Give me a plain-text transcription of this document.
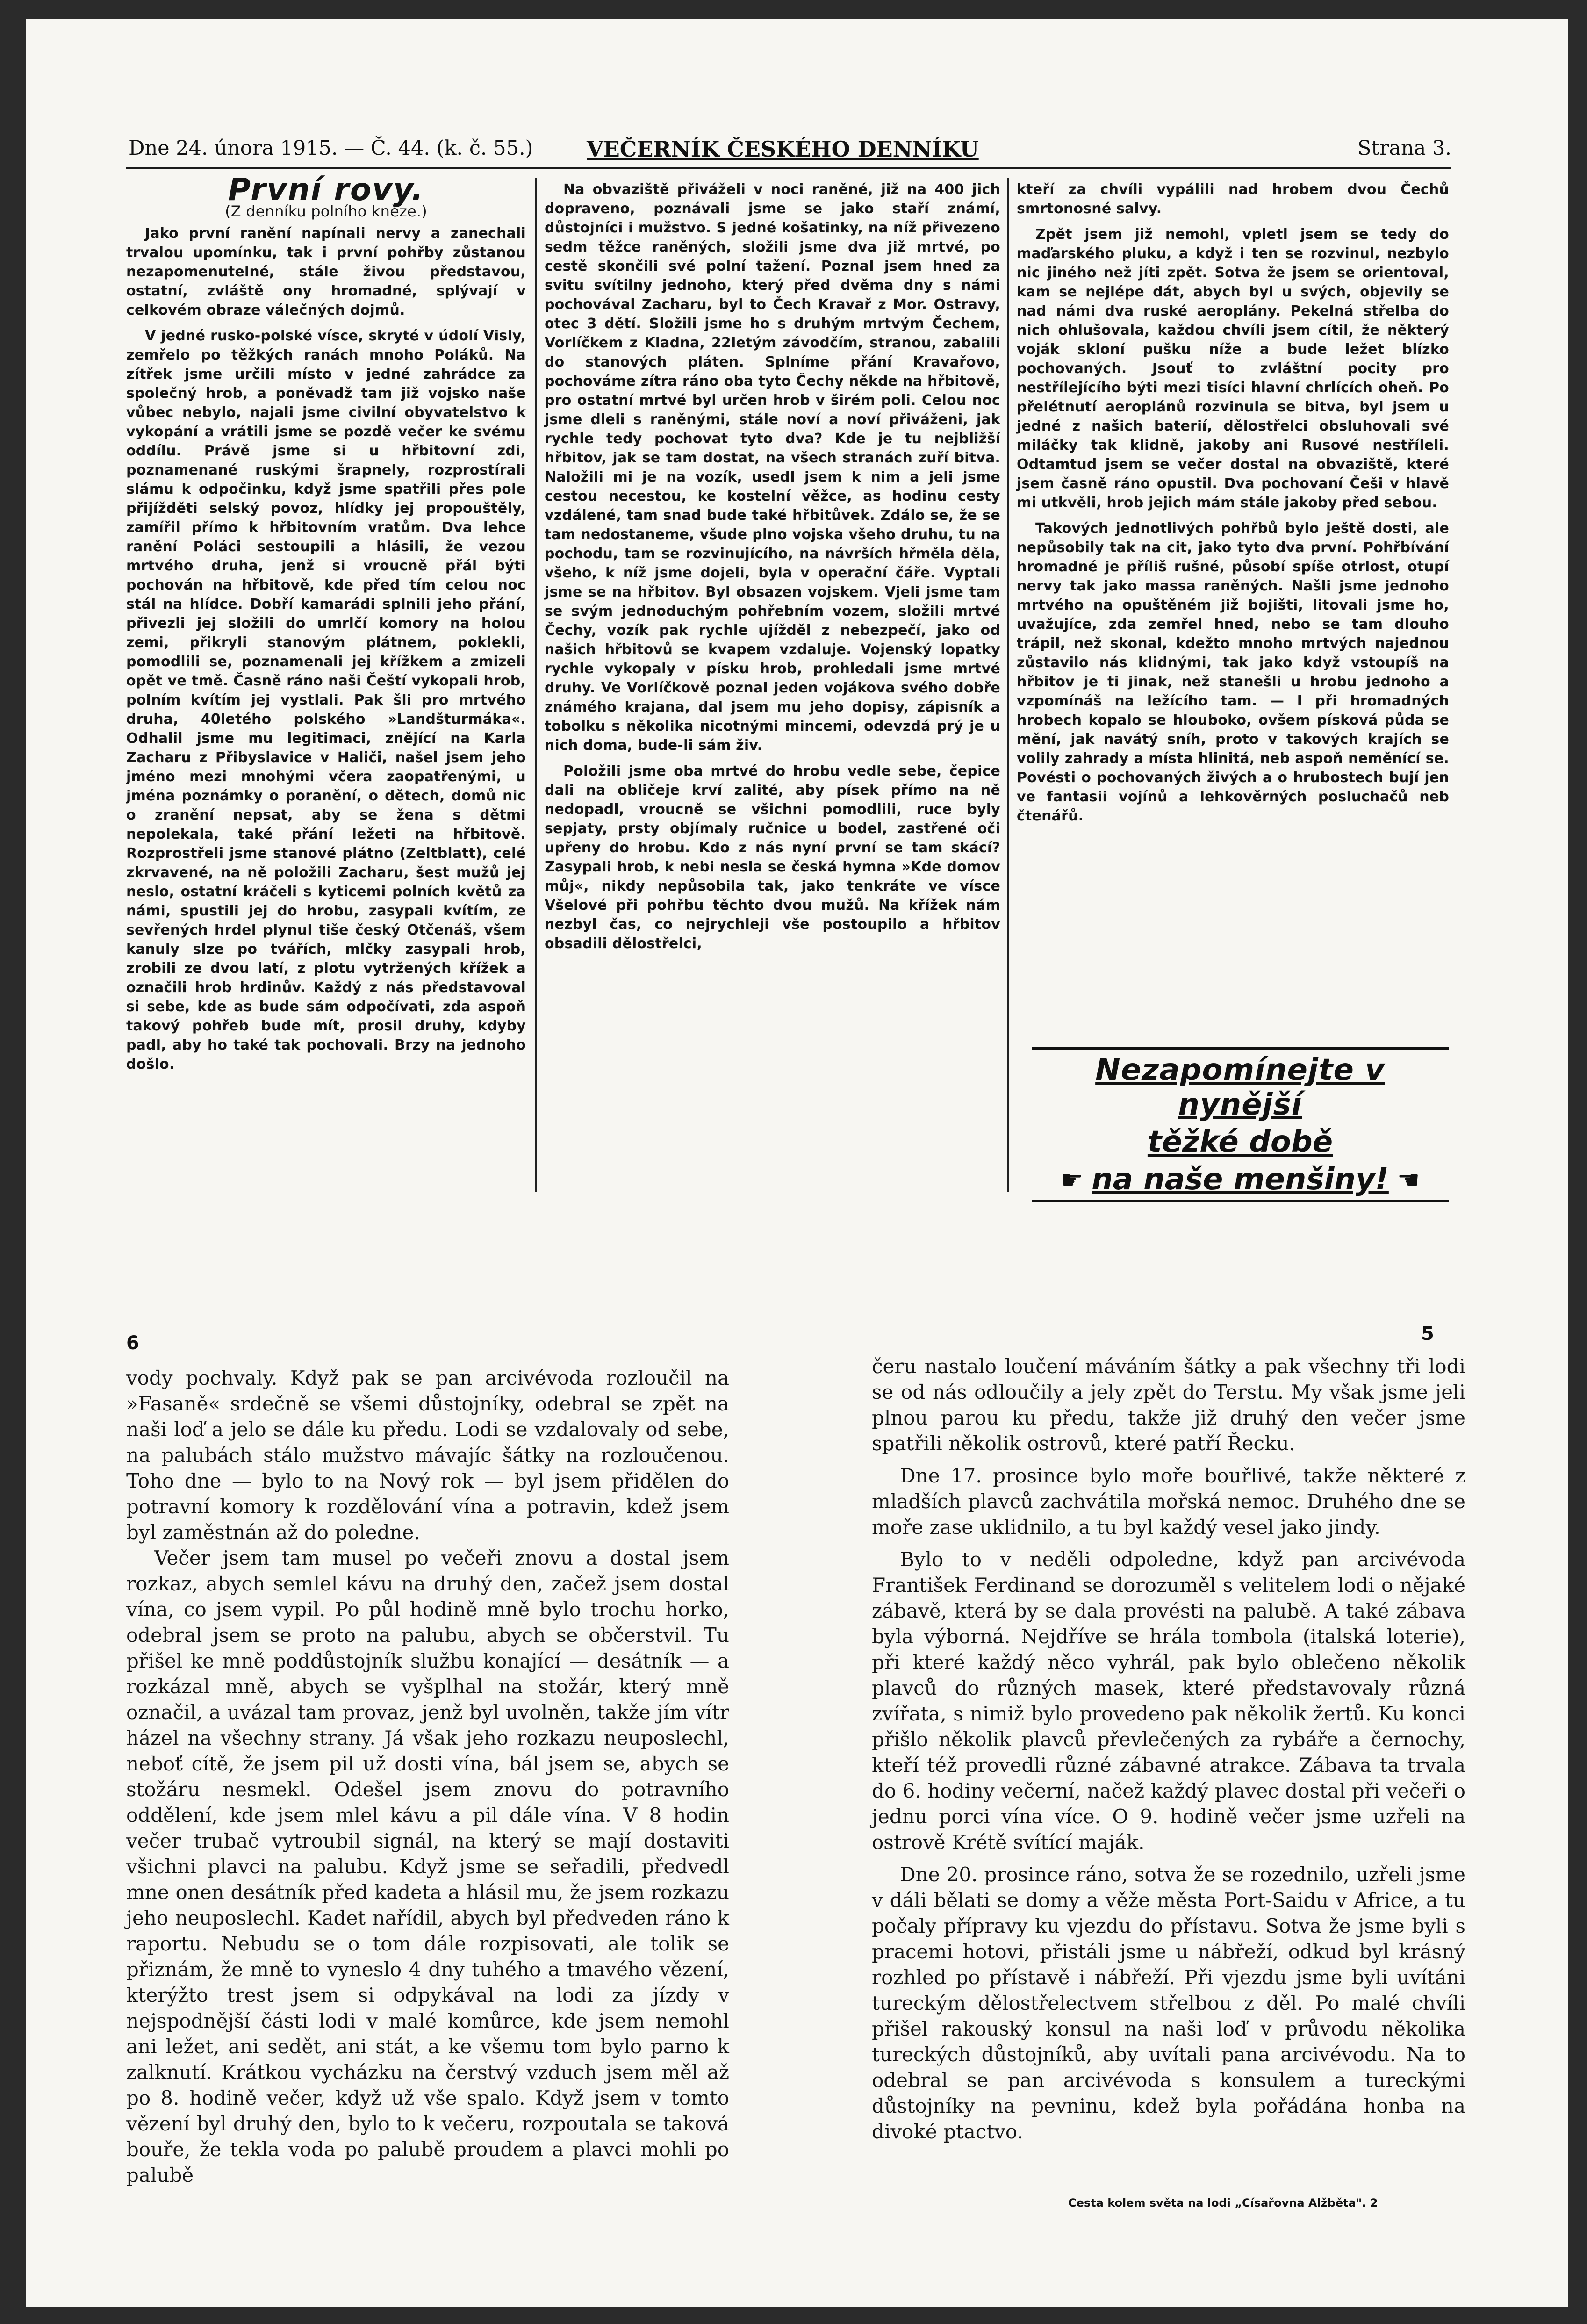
Dne 24. února 1915. — Č. 44. (k. č. 55.) VEČERNÍK ČESKÉHO DENNÍKU	Strana 3.
První rovy.
(Z denníku polního kněze.)

Jako první ranění napínali nervy a zanechali trvalou upomínku, tak i první pohřby zůstanou nezapomenutelné, stále živou představou, ostatní, zvláště ony hromadné, splývají v celkovém obraze válečných dojmů.

V jedné rusko-polské vísce, skryté v údolí Visly, zemřelo po těžkých ranách mnoho Poláků. Na zítřek jsme určili místo v jedné zahrádce za společný hrob, a poněvadž tam již vojsko naše vůbec nebylo, najali jsme civilní obyvatelstvo k vykopání a vrátili jsme se pozdě večer ke svému oddílu. Právě jsme si u hřbitovní zdi, poznamenané ruskými šrapnely, rozprostírali slámu k odpočinku, když jsme spatřili přes pole přijížděti selský povoz, hlídky jej propouštěly, zamířil přímo k hřbitovním vratům. Dva lehce ranění Poláci sestoupili a hlásili, že vezou mrtvého druha, jenž si vroucně přál býti pochován na hřbitově, kde před tím celou noc stál na hlídce. Dobří kamarádi splnili jeho přání, přivezli jej složili do umrlčí komory na holou zemi, přikryli stanovým plátnem, poklekli, pomodlili se, poznamenali jej křížkem a zmizeli opět ve tmě. Časně ráno naši Čeští vykopali hrob, polním kvítím jej vystlali. Pak šli pro mrtvého druha, 40letého polského »Landšturmáka«. Odhalil jsme mu legitimaci, znějící na Karla Zacharu z Přibyslavice v Haliči, našel jsem jeho jméno mezi mnohými včera zaopatřenými, u jména poznámky o poranění, o dětech, domů nic o zranění nepsat, aby se žena s dětmi nepolekala, také přání ležeti na hřbitově. Rozprostřeli jsme stanové plátno (Zeltblatt), celé zkrvavené, na ně položili Zacharu, šest mužů jej neslo, ostatní kráčeli s kyticemi polních květů za námi, spustili jej do hrobu, zasypali kvítím, ze sevřených hrdel plynul tiše český Otčenáš, všem kanuly slze po tvářích, mlčky zasypali hrob, zrobili ze dvou latí, z plotu vytržených křížek a označili hrob hrdinův. Každý z nás představoval si sebe, kde as bude sám odpočívati, zda aspoň takový pohřeb bude mít, prosil druhy, kdyby padl, aby ho také tak pochovali. Brzy na jednoho došlo.

Na obvaziště přiváželi v noci raněné, již na 400 jich dopraveno, poznávali jsme se jako staří známí, důstojníci i mužstvo. S jedné košatinky, na níž přivezeno sedm těžce raněných, složili jsme dva již mrtvé, po cestě skončili své polní tažení. Poznal jsem hned za svitu svítilny jednoho, který před dvěma dny s námi pochovával Zacharu, byl to Čech Kravař z Mor. Ostravy, otec 3 dětí. Složili jsme ho s druhým mrtvým Čechem, Vorlíčkem z Kladna, 22letým závodčím, stranou, zabalili do stanových pláten. Splníme přání Kravařovo, pochováme zítra ráno oba tyto Čechy někde na hřbitově, pro ostatní mrtvé byl určen hrob v širém poli. Celou noc jsme dleli s raněnými, stále noví a noví přiváženi, jak rychle tedy pochovat tyto dva? Kde je tu nejbližší hřbitov, jak se tam dostat, na všech stranách zuří bitva. Naložili mi je na vozík, usedl jsem k nim a jeli jsme cestou necestou, ke kostelní věžce, as hodinu cesty vzdálené, tam snad bude také hřbitůvek. Zdálo se, že se tam nedostaneme, všude plno vojska všeho druhu, tu na pochodu, tam se rozvinujícího, na návrších hřměla děla, všeho, k níž jsme dojeli, byla v operační čáře. Vyptali jsme se na hřbitov. Byl obsazen vojskem. Vjeli jsme tam se svým jednoduchým pohřebním vozem, složili mrtvé Čechy, vozík pak rychle ujížděl z nebezpečí, jako od našich hřbitovů se kvapem vzdaluje. Vojenský lopatky rychle vykopaly v písku hrob, prohledali jsme mrtvé druhy. Ve Vorlíčkově poznal jeden vojákova svého dobře známého krajana, dal jsem mu jeho dopisy, zápisník a tobolku s několika nicotnými mincemi, odevzdá prý je u nich doma, bude-li sám živ.

Položili jsme oba mrtvé do hrobu vedle sebe, čepice dali na obličeje krví zalité, aby písek přímo na ně nedopadl, vroucně se všichni pomodlili, ruce byly sepjaty, prsty objímaly ručnice u bodel, zastřené oči upřeny do hrobu. Kdo z nás nyní první se tam skácí? Zasypali hrob, k nebi nesla se česká hymna »Kde domov můj«, nikdy nepůsobila tak, jako tenkráte ve vísce Všelové při pohřbu těchto dvou mužů. Na křížek nám nezbyl čas, co nejrychleji vše postoupilo a hřbitov obsadili dělostřelci,

kteří za chvíli vypálili nad hrobem dvou Čechů smrtonosné salvy.

Zpět jsem již nemohl, vpletl jsem se tedy do maďarského pluku, a když i ten se rozvinul, nezbylo nic jiného než jíti zpět. Sotva že jsem se orientoval, kam se nejlépe dát, abych byl u svých, objevily se nad námi dva ruské aeroplány. Pekelná střelba do nich ohlušovala, každou chvíli jsem cítil, že některý voják skloní pušku níže a bude ležet blízko pochovaných. Jsouť to zvláštní pocity pro nestřílejícího býti mezi tisíci hlavní chrlících oheň. Po přelétnutí aeroplánů rozvinula se bitva, byl jsem u jedné z našich baterií, dělostřelci obsluhovali své miláčky tak klidně, jakoby ani Rusové nestříleli. Odtamtud jsem se večer dostal na obvaziště, které jsem časně ráno opustil. Dva pochovaní Češi v hlavě mi utkvěli, hrob jejich mám stále jakoby před sebou.

Takových jednotlivých pohřbů bylo ještě dosti, ale nepůsobily tak na cit, jako tyto dva první. Pohřbívání hromadné je příliš rušné, působí spíše otrlost, otupí nervy tak jako massa raněných. Našli jsme jednoho mrtvého na opuštěném již bojišti, litovali jsme ho, uvažujíce, zda zemřel hned, nebo se tam dlouho trápil, než skonal, kdežto mnoho mrtvých najednou zůstavilo nás klidnými, tak jako když vstoupíš na hřbitov je ti jinak, než stanešli u hrobu jednoho a vzpomínáš na ležícího tam. — I při hromadných hrobech kopalo se hlouboko, ovšem písková půda se mění, jak navátý sníh, proto v takových krajích se volily zahrady a místa hlinitá, neb aspoň neměnící se. Povésti o pochovaných živých a o hrubostech bují jen ve fantasii vojínů a lehkověrných posluchačů neb čtenářů.

Nezapomínejte v nynější
těžké době
☛ na naše menšiny! ☚
6	5

vody pochvaly. Když pak se pan arcivévoda rozloučil na »Fasaně« srdečně se všemi důstojníky, odebral se zpět na naši loď a jelo se dále ku předu. Lodi se vzdalovaly od sebe, na palubách stálo mužstvo mávajíc šátky na rozloučenou. Toho dne — bylo to na Nový rok — byl jsem přidělen do potravní komory k rozdělování vína a potravin, kdež jsem byl zaměstnán až do poledne.

Večer jsem tam musel po večeři znovu a dostal jsem rozkaz, abych semlel kávu na druhý den, začež jsem dostal vína, co jsem vypil. Po půl hodině mně bylo trochu horko, odebral jsem se proto na palubu, abych se občerstvil. Tu přišel ke mně poddůstojník službu konající — desátník — a rozkázal mně, abych se vyšplhal na stožár, který mně označil, a uvázal tam provaz, jenž byl uvolněn, takže jím vítr házel na všechny strany. Já však jeho rozkazu neuposlechl, neboť cítě, že jsem pil už dosti vína, bál jsem se, abych se stožáru nesmekl. Odešel jsem znovu do potravního oddělení, kde jsem mlel kávu a pil dále vína. V 8 hodin večer trubač vytroubil signál, na který se mají dostaviti všichni plavci na palubu. Když jsme se seřadili, předvedl mne onen desátník před kadeta a hlásil mu, že jsem rozkazu jeho neuposlechl. Kadet nařídil, abych byl předveden ráno k raportu. Nebudu se o tom dále rozpisovati, ale tolik se přiznám, že mně to vyneslo 4 dny tuhého a tmavého vězení, kterýžto trest jsem si odpykával na lodi za jízdy v nejspodnější části lodi v malé komůrce, kde jsem nemohl ani ležet, ani sedět, ani stát, a ke všemu tom bylo parno k zalknutí. Krátkou vycházku na čerstvý vzduch jsem měl až po 8. hodině večer, když už vše spalo. Když jsem v tomto vězení byl druhý den, bylo to k večeru, rozpoutala se taková bouře, že tekla voda po palubě proudem a plavci mohli po palubě

čeru nastalo loučení máváním šátky a pak všechny tři lodi se od nás odloučily a jely zpět do Terstu. My však jsme jeli plnou parou ku předu, takže již druhý den večer jsme spatřili několik ostrovů, které patří Řecku.

Dne 17. prosince bylo moře bouřlivé, takže některé z mladších plavců zachvátila mořská nemoc. Druhého dne se moře zase uklidnilo, a tu byl každý vesel jako jindy.

Bylo to v neděli odpoledne, když pan arcivévoda František Ferdinand se dorozuměl s velitelem lodi o nějaké zábavě, která by se dala provésti na palubě. A také zábava byla výborná. Nejdříve se hrála tombola (italská loterie), při které každý něco vyhrál, pak bylo oblečeno několik plavců do různých masek, které představovaly různá zvířata, s nimiž bylo provedeno pak několik žertů. Ku konci přišlo několik plavců převlečených za rybáře a černochy, kteří též provedli různé zábavné atrakce. Zábava ta trvala do 6. hodiny večerní, načež každý plavec dostal při večeři o jednu porci vína více. O 9. hodině večer jsme uzřeli na ostrově Krétě svítící maják.

Dne 20. prosince ráno, sotva že se rozednilo, uzřeli jsme v dáli bělati se domy a věže města Port-Saidu v Africe, a tu počaly přípravy ku vjezdu do přístavu. Sotva že jsme byli s pracemi hotovi, přistáli jsme u nábřeží, odkud byl krásný rozhled po přístavě i nábřeží. Při vjezdu jsme byli uvítáni tureckým dělostřelectvem střelbou z děl. Po malé chvíli přišel rakouský konsul na naši loď v průvodu několika tureckých důstojníků, aby uvítali pana arcivévodu. Na to odebral se pan arcivévoda s konsulem a tureckými důstojníky na pevninu, kdež byla pořádána honba na divoké ptactvo.

Cesta kolem světa na lodi „Císařovna Alžběta". 2
